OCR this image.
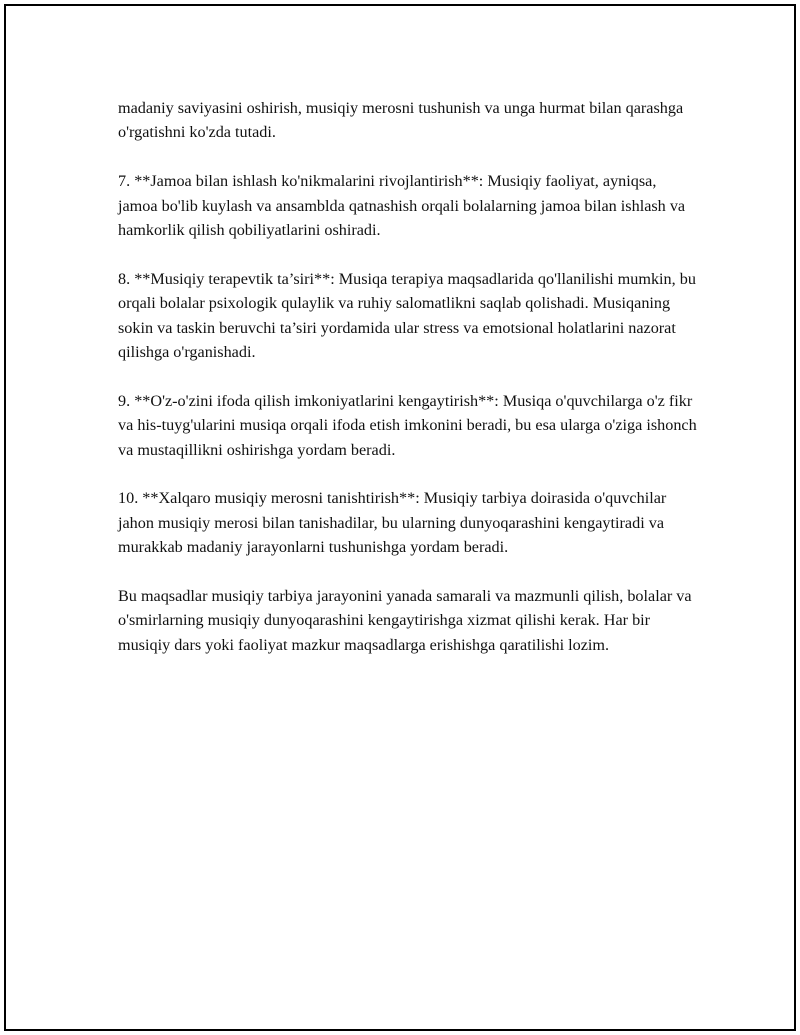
madaniy saviyasini oshirish, musiqiy merosni tushunish va unga hurmat bilan qarashga o'rgatishni ko'zda tutadi.

7. **Jamoa bilan ishlash ko'nikmalarini rivojlantirish**: Musiqiy faoliyat, ayniqsa, jamoa bo'lib kuylash va ansamblda qatnashish orqali bolalarning jamoa bilan ishlash va hamkorlik qilish qobiliyatlarini oshiradi.

8. **Musiqiy terapevtik ta’siri**: Musiqa terapiya maqsadlarida qo'llanilishi mumkin, bu orqali bolalar psixologik qulaylik va ruhiy salomatlikni saqlab qolishadi. Musiqaning sokin va taskin beruvchi ta’siri yordamida ular stress va emotsional holatlarini nazorat qilishga o'rganishadi.

9. **O'z-o'zini ifoda qilish imkoniyatlarini kengaytirish**: Musiqa o'quvchilarga o'z fikr va his-tuyg'ularini musiqa orqali ifoda etish imkonini beradi, bu esa ularga o'ziga ishonch va mustaqillikni oshirishga yordam beradi.

10. **Xalqaro musiqiy merosni tanishtirish**: Musiqiy tarbiya doirasida o'quvchilar jahon musiqiy merosi bilan tanishadilar, bu ularning dunyoqarashini kengaytiradi va murakkab madaniy jarayonlarni tushunishga yordam beradi.

Bu maqsadlar musiqiy tarbiya jarayonini yanada samarali va mazmunli qilish, bolalar va o'smirlarning musiqiy dunyoqarashini kengaytirishga xizmat qilishi kerak. Har bir musiqiy dars yoki faoliyat mazkur maqsadlarga erishishga qaratilishi lozim.
